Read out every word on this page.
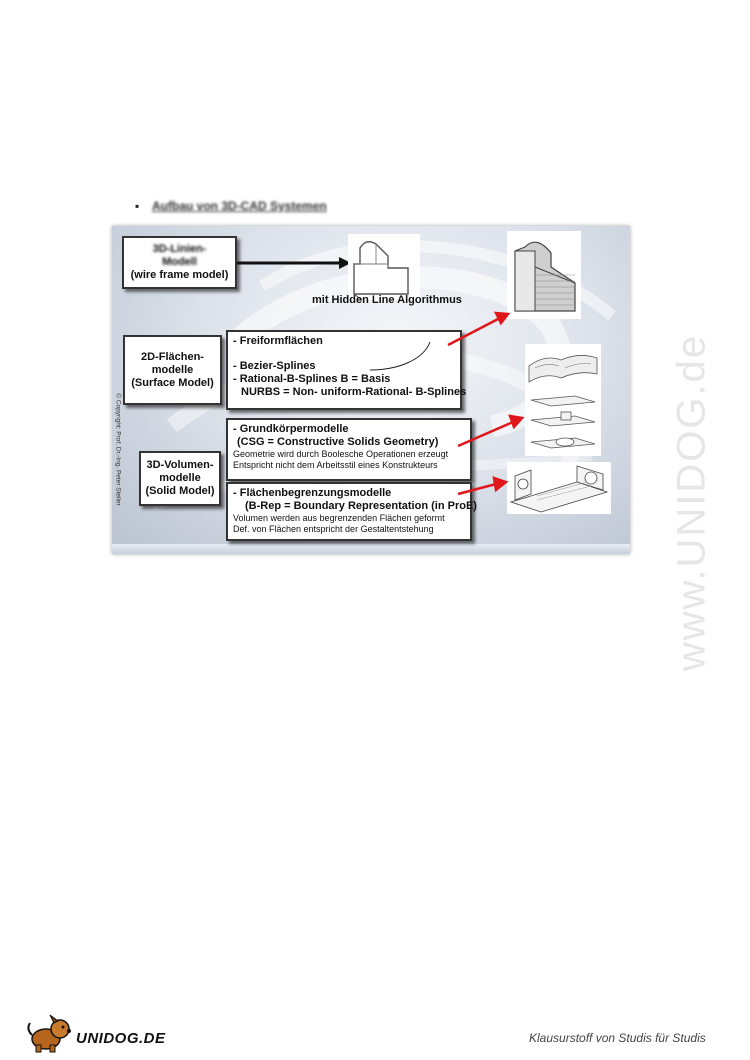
▪ Aufbau von 3D-CAD Systemen
3D-Linien-
Modell
(wire frame model)
mit Hidden Line Algorithmus
2D-Flächen-
modelle
(Surface Model)
- Freiformflächen
- Bezier-Splines
- Rational-B-Splines B = Basis
NURBS = Non- uniform-Rational- B-Splines
3D-Volumen-
modelle
(Solid Model)
- Grundkörpermodelle
(CSG = Constructive Solids Geometry)
Geometrie wird durch Boolesche Operationen erzeugt
Entspricht nicht dem Arbeitsstil eines Konstrukteurs
- Flächenbegrenzungsmodelle
(B-Rep = Boundary Representation (in ProE)
Volumen werden aus begrenzenden Flächen geformt
Def. von Flächen entspricht der Gestaltentstehung
© Copyright: Prof. Dr.-Ing. Peter Steller	www.UNIDOG.de
UNIDOG.DE	Klausurstoff von Studis für Studis
